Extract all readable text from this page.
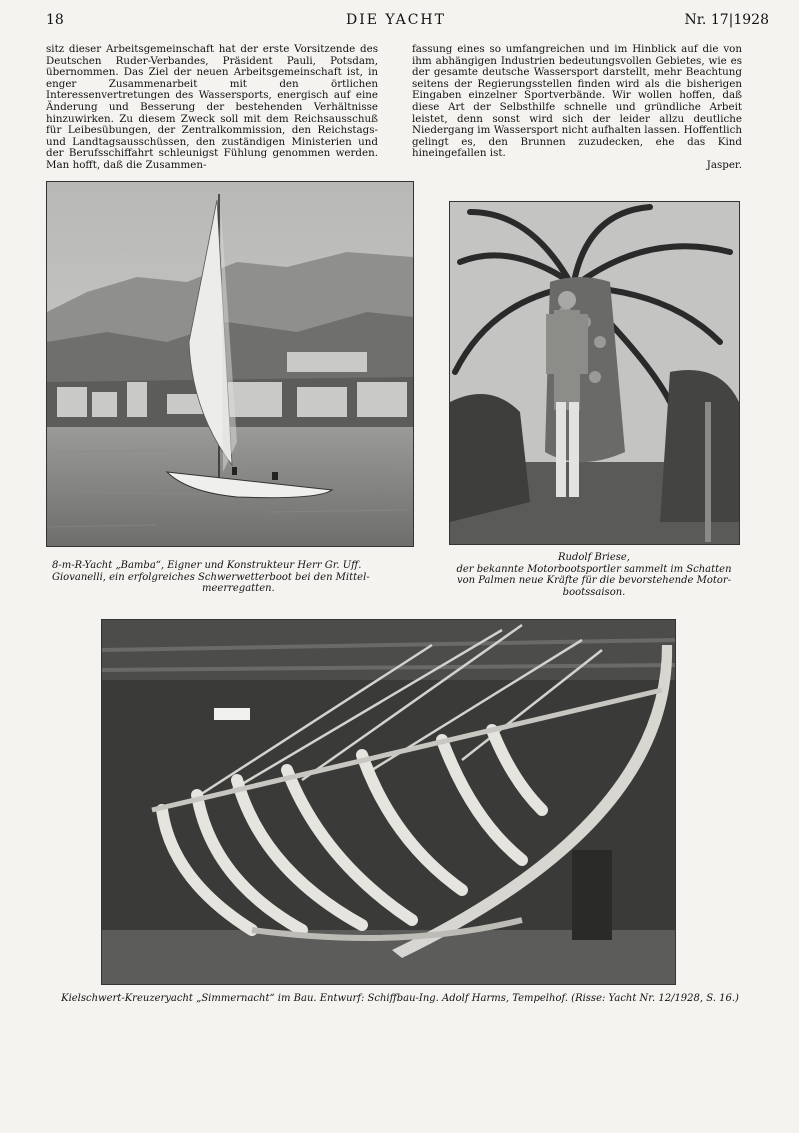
18	DIE YACHT	Nr. 17|1928

sitz dieser Arbeitsgemeinschaft hat der erste Vorsitzende des Deutschen Ruder-Verbandes, Präsident Pauli, Potsdam, übernommen. Das Ziel der neuen Arbeitsgemeinschaft ist, in enger Zusammenarbeit mit den örtlichen Interessenvertretungen des Wassersports, energisch auf eine Änderung und Besserung der bestehenden Verhältnisse hinzuwirken. Zu diesem Zweck soll mit dem Reichsausschuß für Leibesübungen, der Zentralkommission, den Reichstags- und Landtagsausschüssen, den zuständigen Ministerien und der Berufsschiffahrt schleunigst Fühlung genommen werden. Man hofft, daß die Zusammen-

fassung eines so umfangreichen und im Hinblick auf die von ihm abhängigen Industrien bedeutungsvollen Gebietes, wie es der gesamte deutsche Wassersport darstellt, mehr Beachtung seitens der Regierungsstellen finden wird als die bisherigen Eingaben einzelner Sportverbände. Wir wollen hoffen, daß diese Art der Selbsthilfe schnelle und gründliche Arbeit leistet, denn sonst wird sich der leider allzu deutliche Niedergang im Wassersport nicht aufhalten lassen. Hoffentlich gelingt es, den Brunnen zuzudecken, ehe das Kind hineingefallen ist.

Jasper.

8-m-R-Yacht „Bamba“, Eigner und Konstrukteur Herr Gr. Uff.
Giovanelli, ein erfolgreiches Schwerwetterboot bei den Mittel-
meerregatten.
Rudolf Briese,
der bekannte Motorbootsportler sammelt im Schatten
von Palmen neue Kräfte für die bevorstehende Motor-
bootssaison.
Kielschwert-Kreuzeryacht „Simmernacht“ im Bau. Entwurf: Schiffbau-Ing. Adolf Harms, Tempelhof. (Risse: Yacht Nr. 12/1928, S. 16.)
